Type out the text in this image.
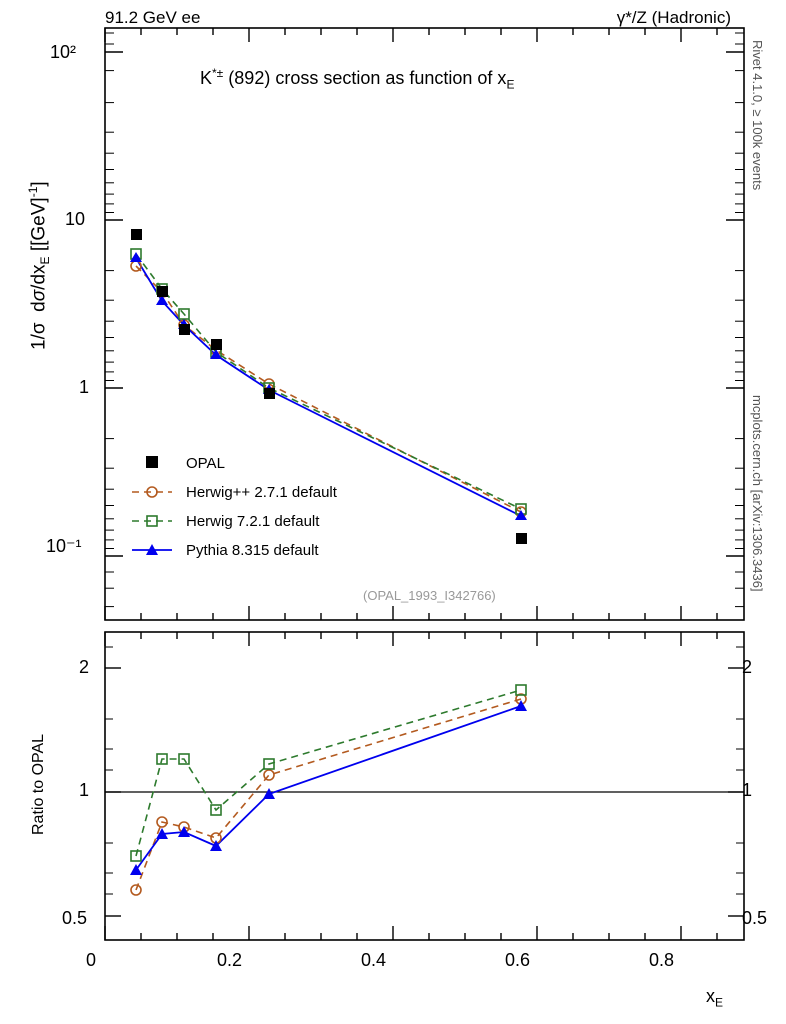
91.2 GeV ee	γ*/Z (Hadronic)
Rivet 4.1.0, ≥ 100k events
mcplots.cern.ch [arXiv:1306.3436]
1/σ  $d\sigma/dx_E$ [[GeV]$^{-1}$]
Ratio to OPAL
$x_E$
K*± (892) cross section as function of $x_E$
(OPAL_1993_I342766)
10²
10
1
10⁻¹
2
1
0.5
2
1
0.5
0	0.2	0.4	0.6	0.8
OPAL
Herwig++ 2.7.1 default
Herwig 7.2.1 default
Pythia 8.315 default
